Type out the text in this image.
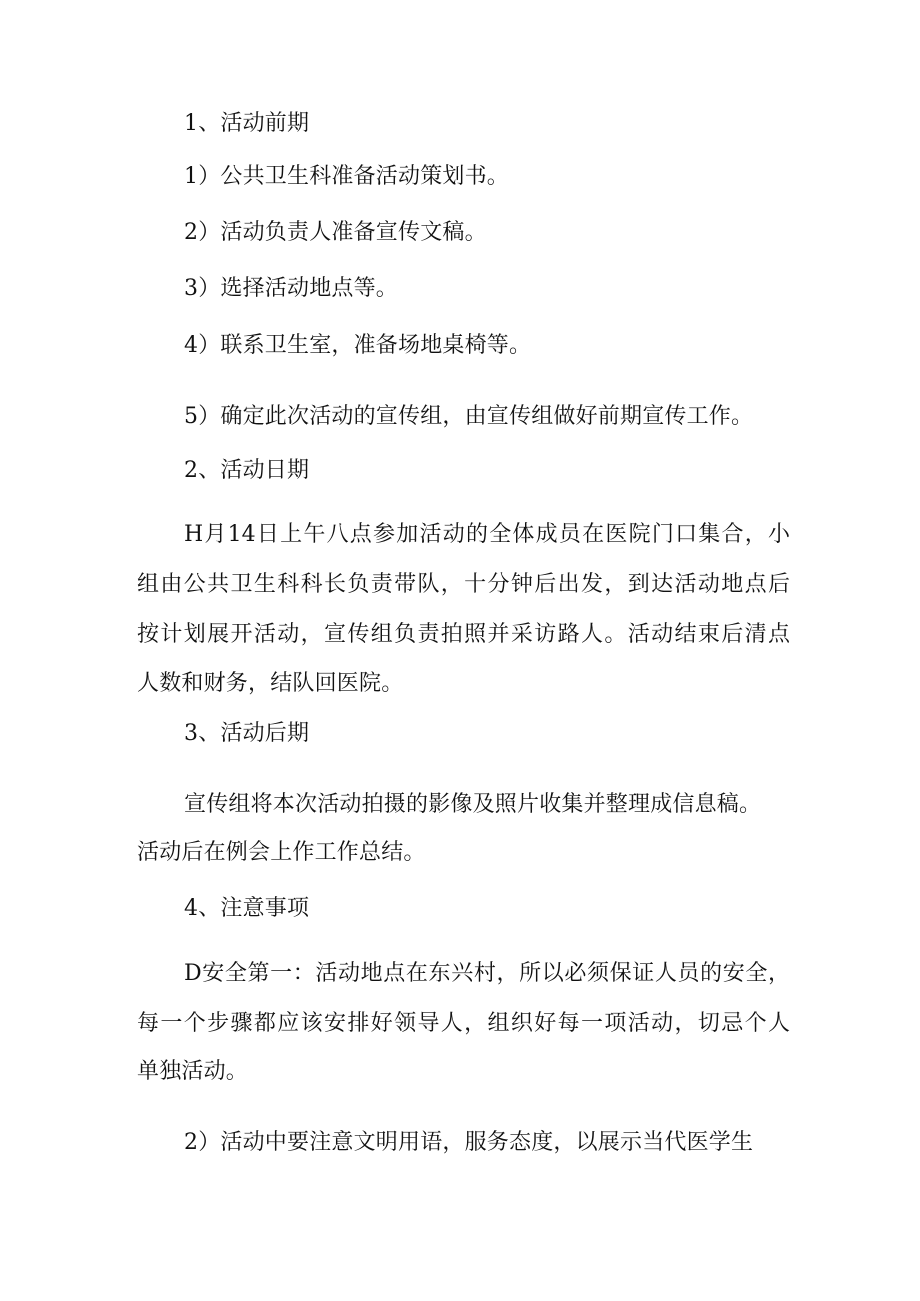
1、活动前期
1）公共卫生科准备活动策划书。
2）活动负责人准备宣传文稿。
3）选择活动地点等。
4）联系卫生室，准备场地桌椅等。
5）确定此次活动的宣传组，由宣传组做好前期宣传工作。
2、活动日期
H月14日上午八点参加活动的全体成员在医院门口集合，小
组由公共卫生科科长负责带队，十分钟后出发，到达活动地点后
按计划展开活动，宣传组负责拍照并采访路人。活动结束后清点
人数和财务，结队回医院。
3、活动后期
宣传组将本次活动拍摄的影像及照片收集并整理成信息稿。
活动后在例会上作工作总结。
4、注意事项
D安全第一：活动地点在东兴村，所以必须保证人员的安全，
每一个步骤都应该安排好领导人，组织好每一项活动，切忌个人
单独活动。
2）活动中要注意文明用语，服务态度，以展示当代医学生
